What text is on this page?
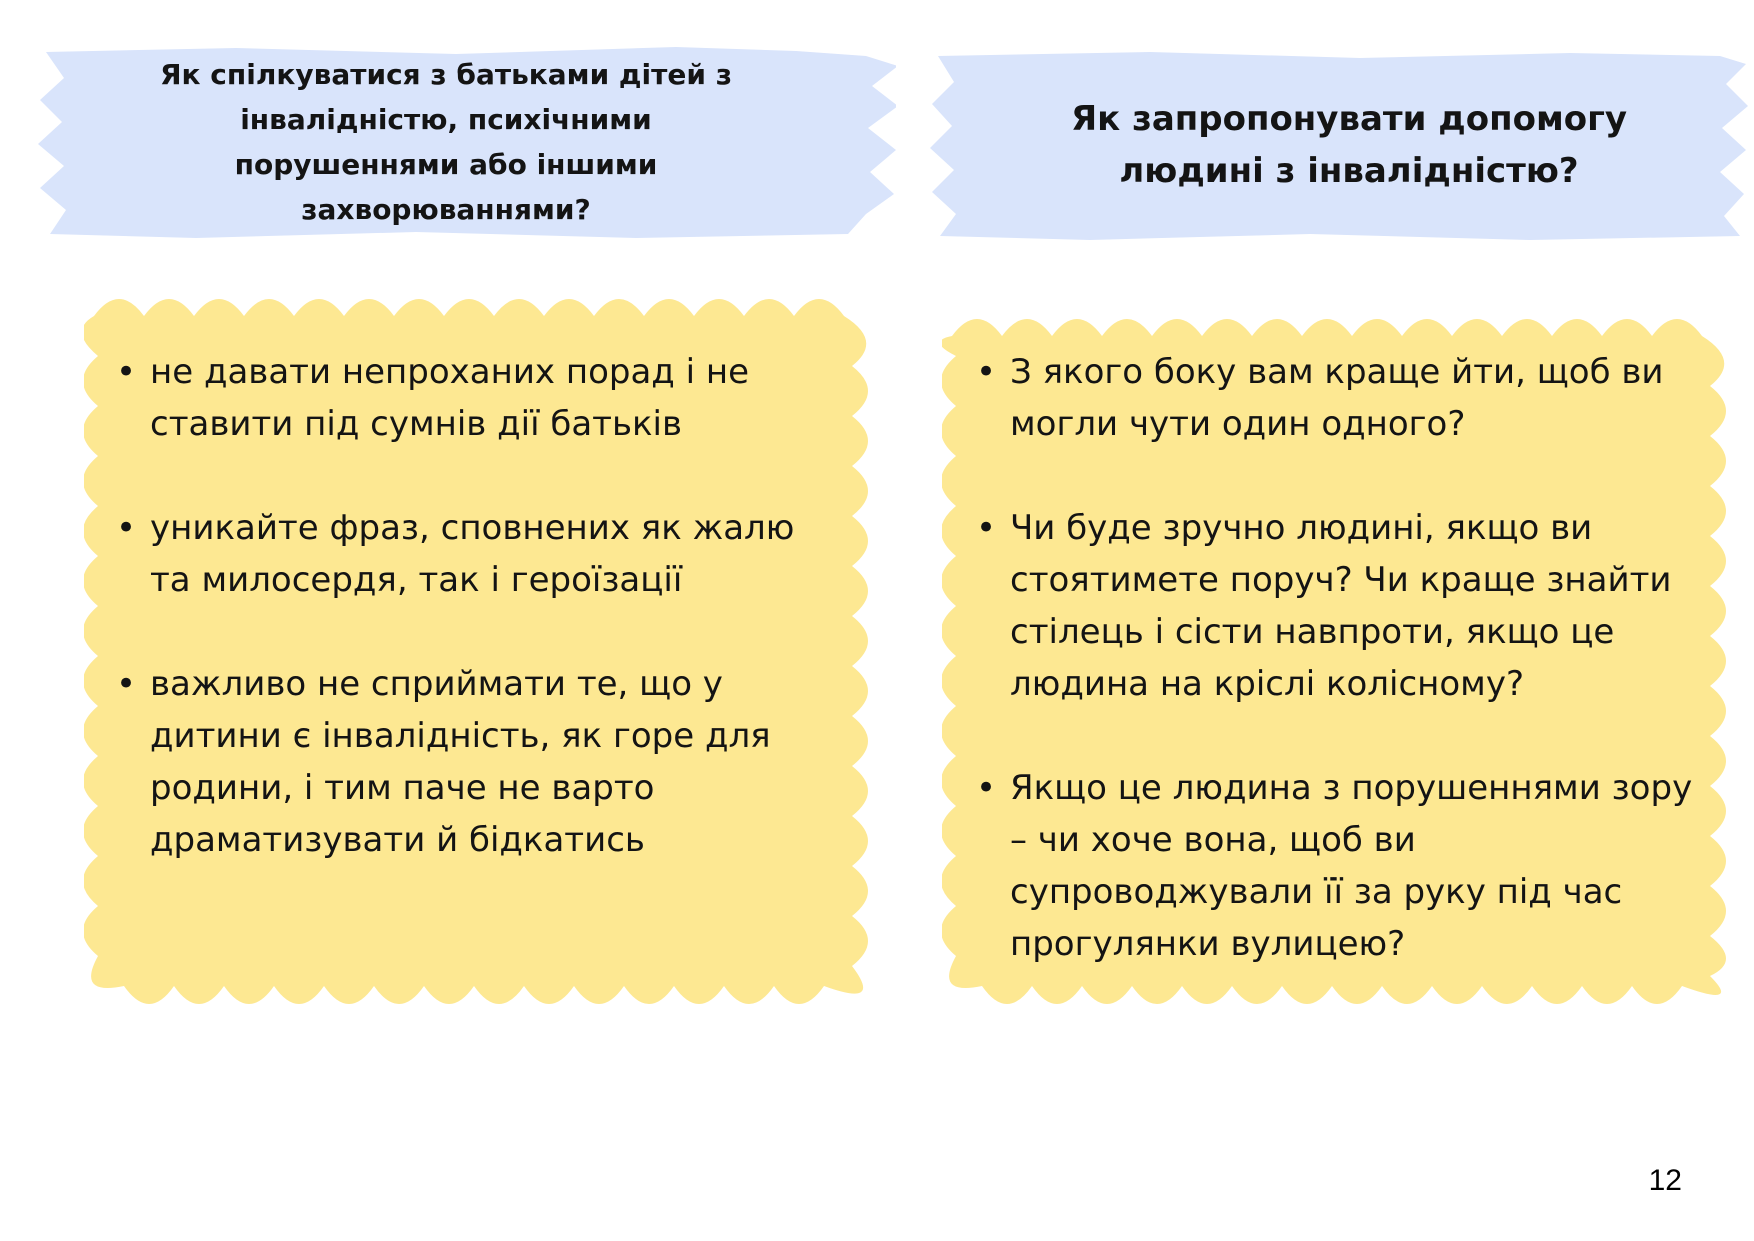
Як спілкуватися з батьками дітей з інвалідністю, психічними порушеннями або іншими захворюваннями?
Як запропонувати допомогу людині з інвалідністю?
• не давати непроханих порад і не ставити під сумнів дії батьків
• уникайте фраз, сповнених як жалю та милосердя, так і героїзації
• важливо не сприймати те, що у дитини є інвалідність, як горе для родини, і тим паче не варто драматизувати й бідкатись
• З якого боку вам краще йти, щоб ви могли чути один одного?
• Чи буде зручно людині, якщо ви стоятимете поруч? Чи краще знайти стілець і сісти навпроти, якщо це людина на кріслі колісному?
• Якщо це людина з порушеннями зору – чи хоче вона, щоб ви супроводжували її за руку під час прогулянки вулицею?
12
